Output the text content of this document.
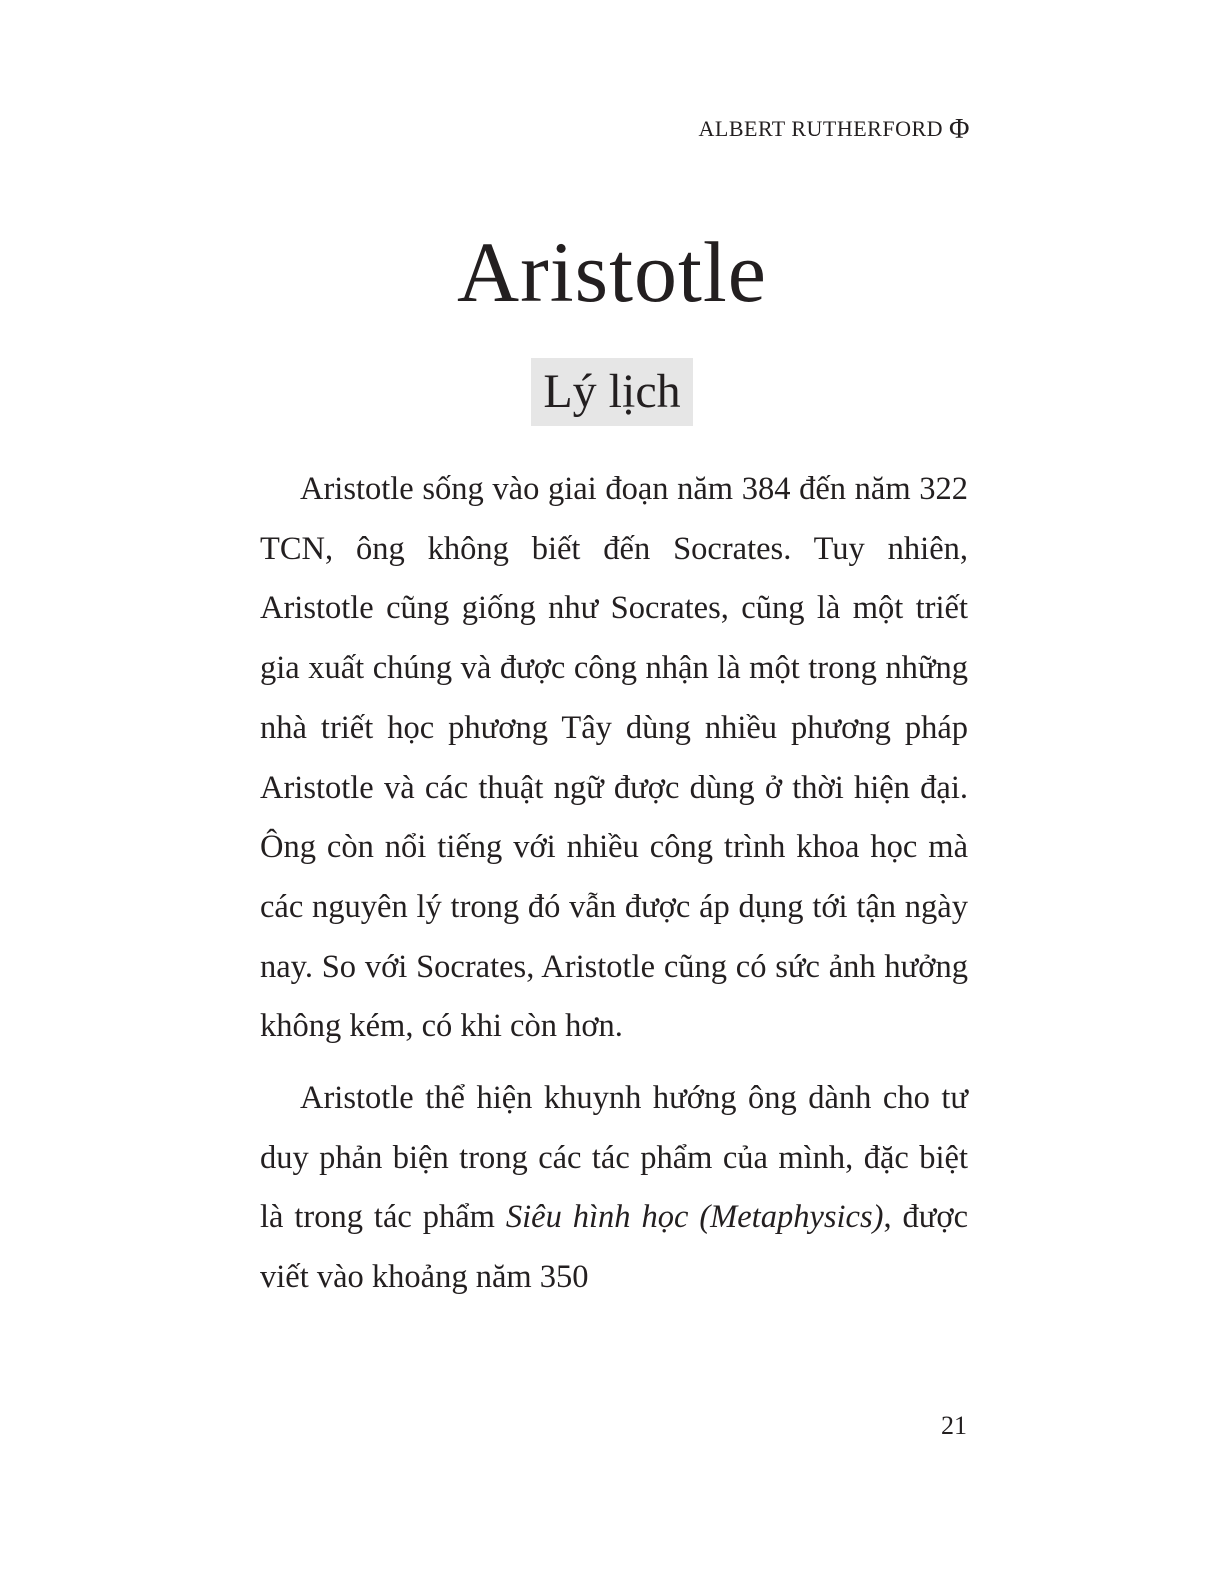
ALBERT RUTHERFORD Φ
Aristotle
Lý lịch

Aristotle sống vào giai đoạn năm 384 đến năm 322 TCN, ông không biết đến Socrates. Tuy nhiên, Aristotle cũng giống như Socrates, cũng là một triết gia xuất chúng và được công nhận là một trong những nhà triết học phương Tây dùng nhiều phương pháp Aristotle và các thuật ngữ được dùng ở thời hiện đại. Ông còn nổi tiếng với nhiều công trình khoa học mà các nguyên lý trong đó vẫn được áp dụng tới tận ngày nay. So với Socrates, Aristotle cũng có sức ảnh hưởng không kém, có khi còn hơn.

Aristotle thể hiện khuynh hướng ông dành cho tư duy phản biện trong các tác phẩm của mình, đặc biệt là trong tác phẩm Siêu hình học (Metaphysics), được viết vào khoảng năm 350

21
